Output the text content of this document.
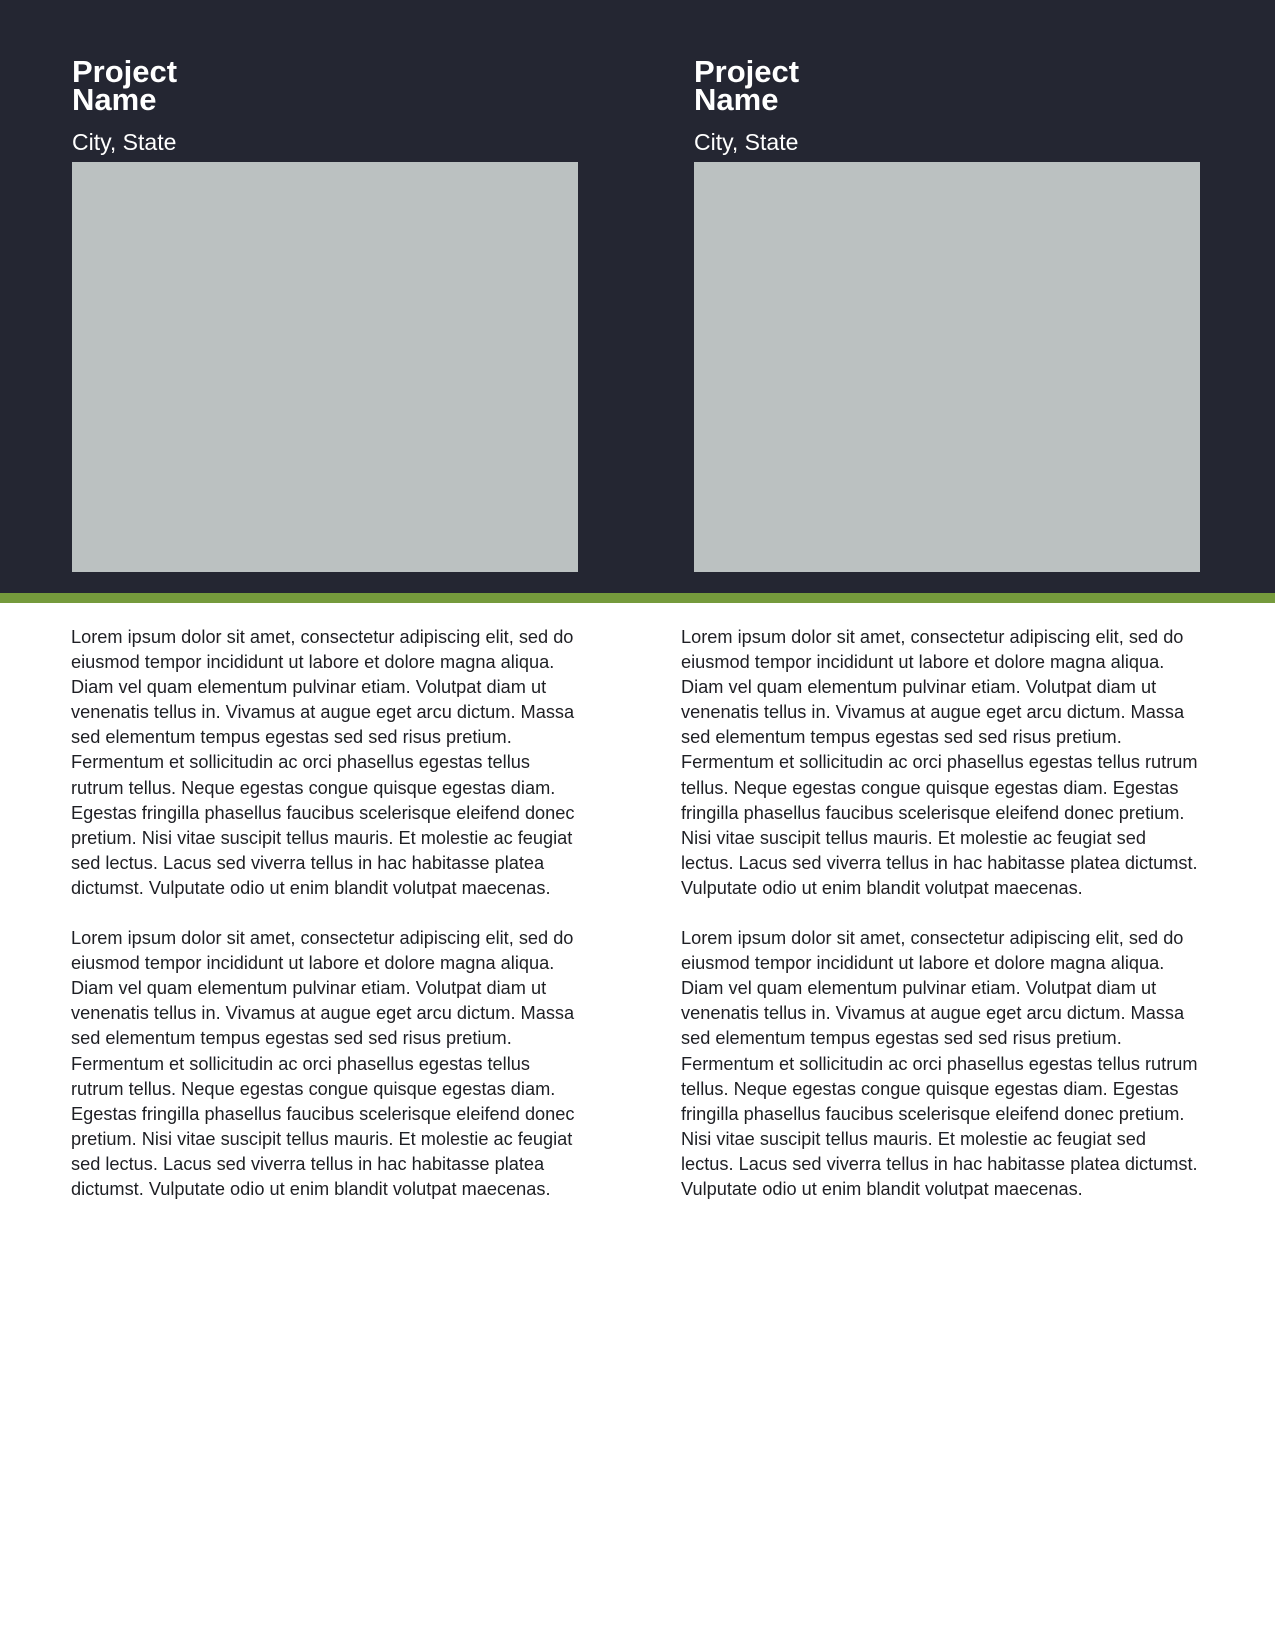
Project Name
City, State
Project Name
City, State

Lorem ipsum dolor sit amet, consectetur adipiscing elit, sed do eiusmod tempor incididunt ut labore et dolore magna aliqua. Diam vel quam elementum pulvinar etiam. Volutpat diam ut venenatis tellus in. Vivamus at augue eget arcu dictum. Massa sed elementum tempus egestas sed sed risus pretium. Fermentum et sollicitudin ac orci phasellus egestas tellus rutrum tellus. Neque egestas congue quisque egestas diam. Egestas fringilla phasellus faucibus scelerisque eleifend donec pretium. Nisi vitae suscipit tellus mauris. Et molestie ac feugiat sed lectus. Lacus sed viverra tellus in hac habitasse platea dictumst. Vulputate odio ut enim blandit volutpat maecenas.

Lorem ipsum dolor sit amet, consectetur adipiscing elit, sed do eiusmod tempor incididunt ut labore et dolore magna aliqua. Diam vel quam elementum pulvinar etiam. Volutpat diam ut venenatis tellus in. Vivamus at augue eget arcu dictum. Massa sed elementum tempus egestas sed sed risus pretium. Fermentum et sollicitudin ac orci phasellus egestas tellus rutrum tellus. Neque egestas congue quisque egestas diam. Egestas fringilla phasellus faucibus scelerisque eleifend donec pretium. Nisi vitae suscipit tellus mauris. Et molestie ac feugiat sed lectus. Lacus sed viverra tellus in hac habitasse platea dictumst. Vulputate odio ut enim blandit volutpat maecenas.

Lorem ipsum dolor sit amet, consectetur adipiscing elit, sed do eiusmod tempor incididunt ut labore et dolore magna aliqua. Diam vel quam elementum pulvinar etiam. Volutpat diam ut venenatis tellus in. Vivamus at augue eget arcu dictum. Massa sed elementum tempus egestas sed sed risus pretium. Fermentum et sollicitudin ac orci phasellus egestas tellus rutrum tellus. Neque egestas congue quisque egestas diam. Egestas fringilla phasellus faucibus scelerisque eleifend donec pretium. Nisi vitae suscipit tellus mauris. Et molestie ac feugiat sed lectus. Lacus sed viverra tellus in hac habitasse platea dictumst. Vulputate odio ut enim blandit volutpat maecenas.

Lorem ipsum dolor sit amet, consectetur adipiscing elit, sed do eiusmod tempor incididunt ut labore et dolore magna aliqua. Diam vel quam elementum pulvinar etiam. Volutpat diam ut venenatis tellus in. Vivamus at augue eget arcu dictum. Massa sed elementum tempus egestas sed sed risus pretium. Fermentum et sollicitudin ac orci phasellus egestas tellus rutrum tellus. Neque egestas congue quisque egestas diam. Egestas fringilla phasellus faucibus scelerisque eleifend donec pretium. Nisi vitae suscipit tellus mauris. Et molestie ac feugiat sed lectus. Lacus sed viverra tellus in hac habitasse platea dictumst. Vulputate odio ut enim blandit volutpat maecenas.
